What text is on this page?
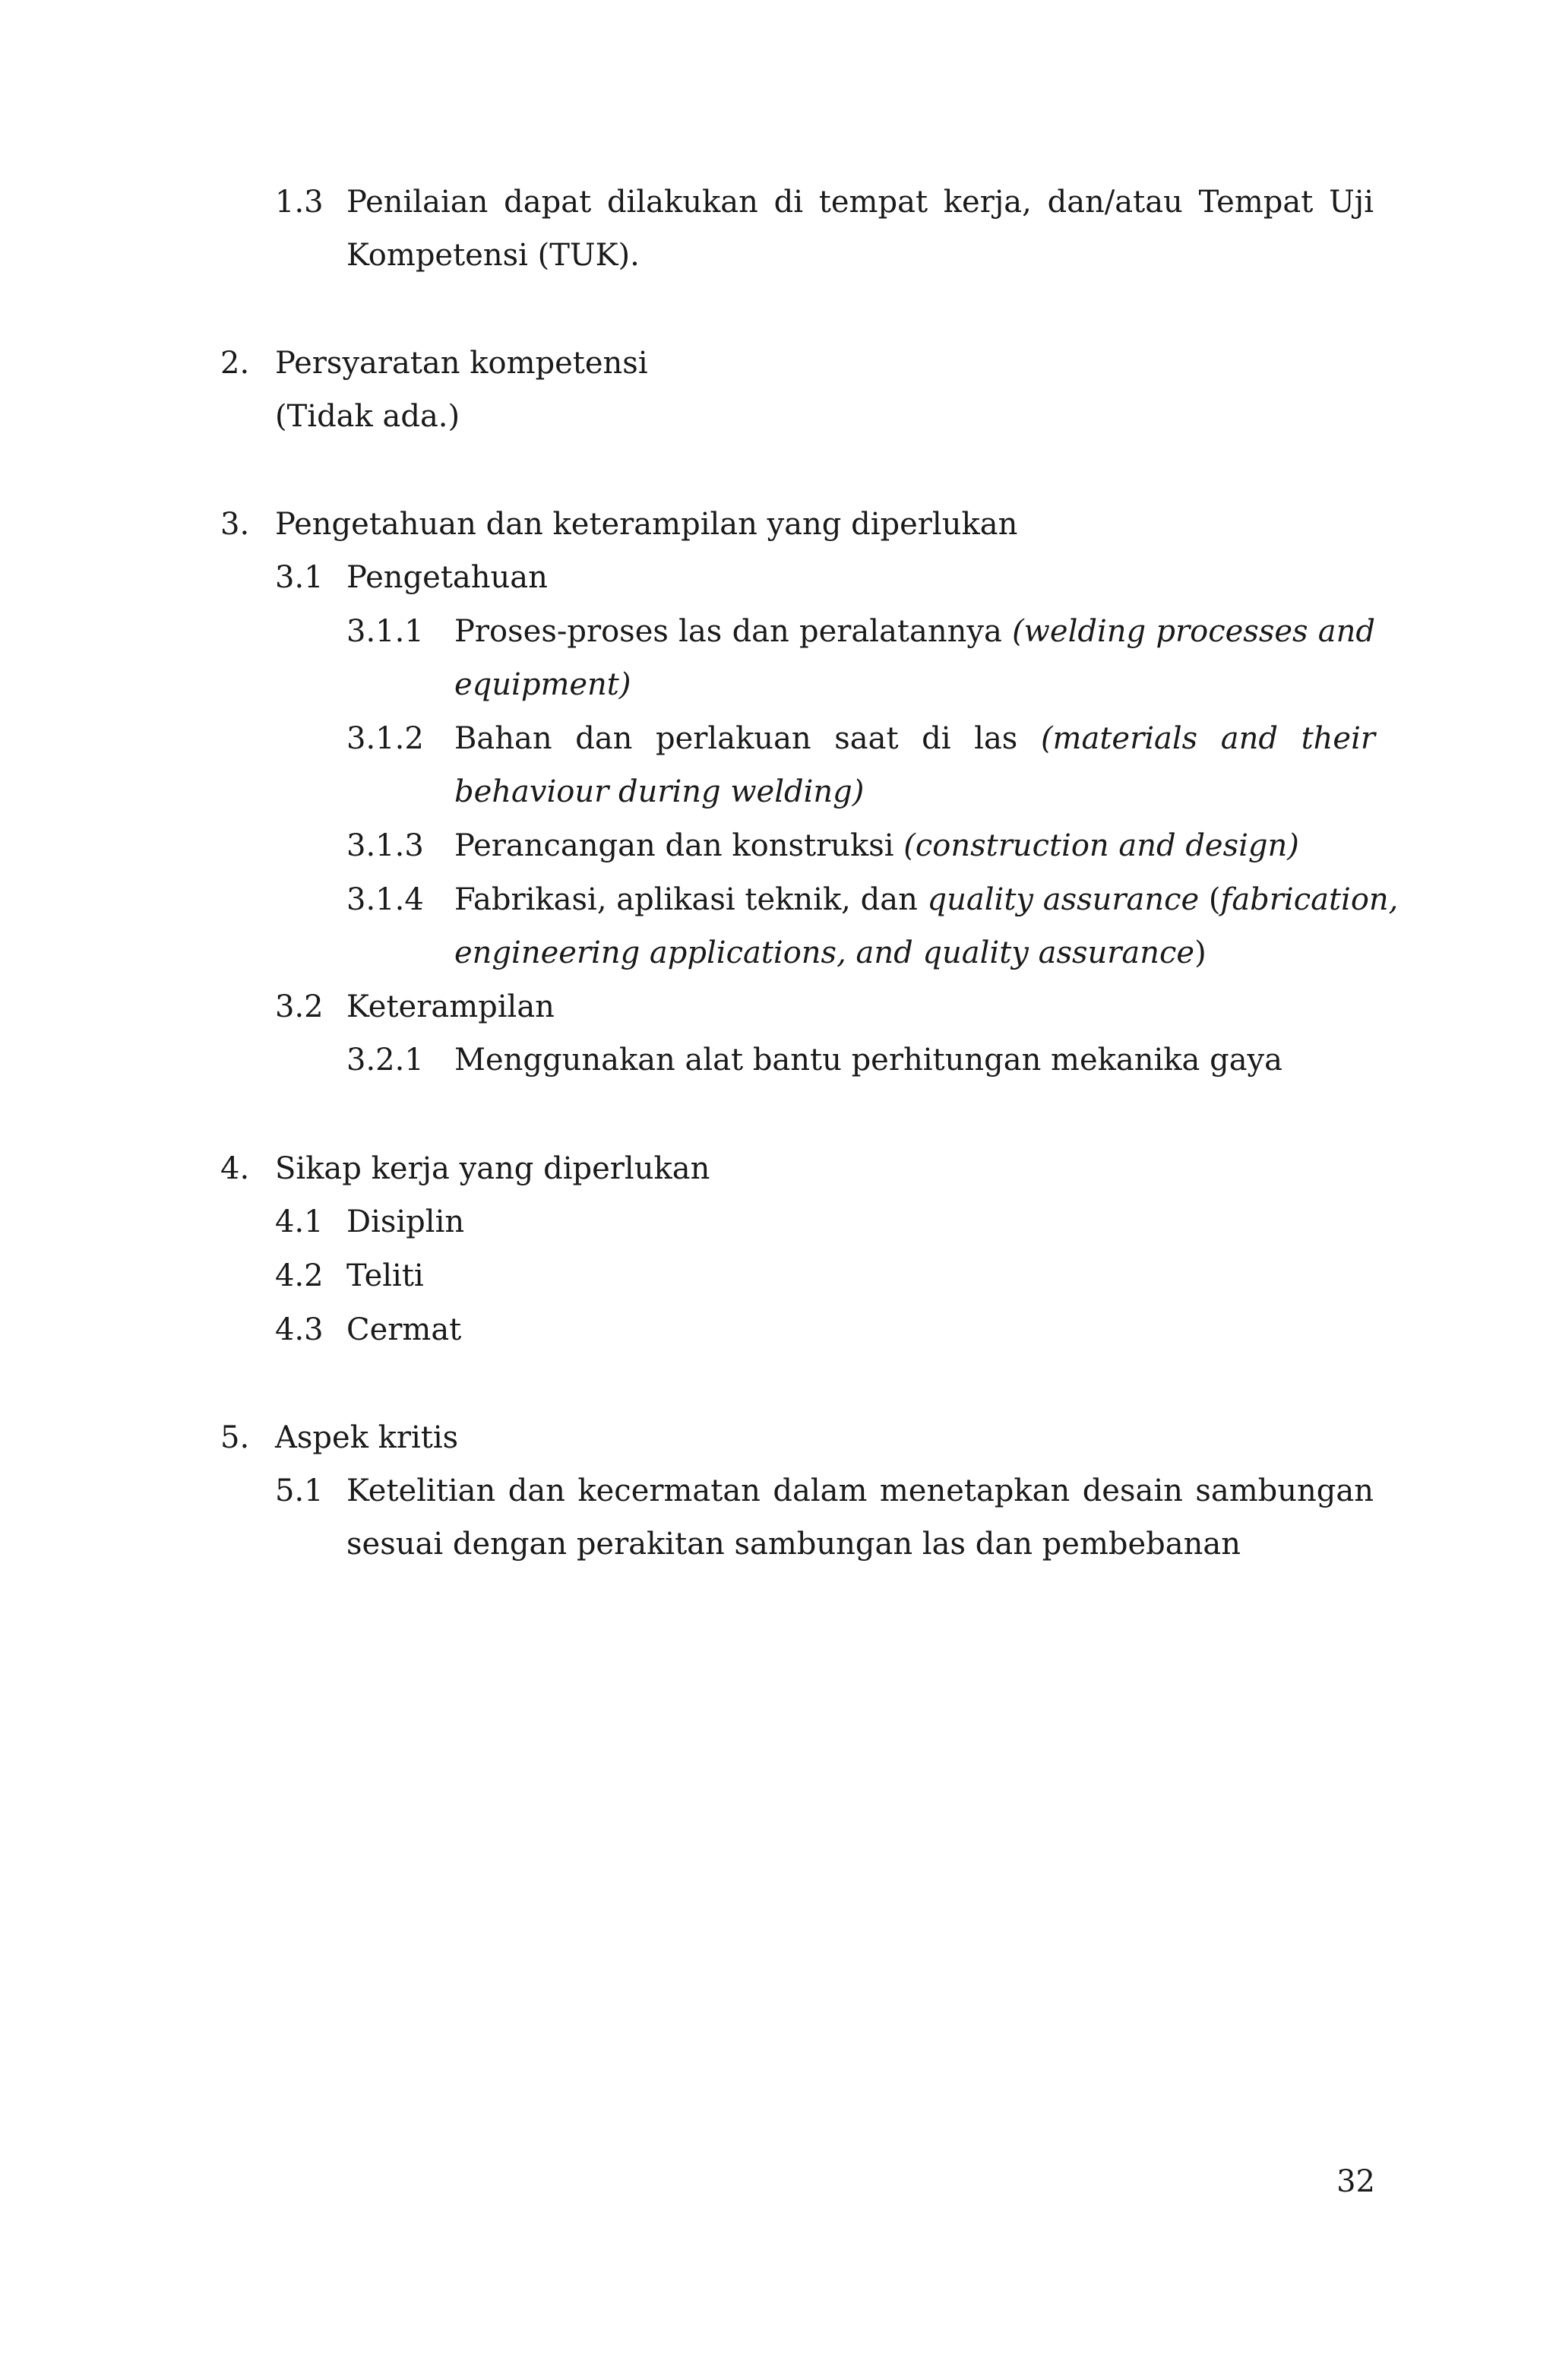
1.3 Penilaian dapat dilakukan di tempat kerja, dan/atau Tempat Uji
Kompetensi (TUK).
2. Persyaratan kompetensi
(Tidak ada.)
3. Pengetahuan dan keterampilan yang diperlukan
3.1 Pengetahuan
3.1.1 Proses-proses las dan peralatannya (welding processes and
equipment)
3.1.2 Bahan dan perlakuan saat di las (materials and their
behaviour during welding)
3.1.3 Perancangan dan konstruksi (construction and design)
3.1.4 Fabrikasi, aplikasi teknik, dan quality assurance (fabrication,
engineering applications, and quality assurance)
3.2 Keterampilan
3.2.1 Menggunakan alat bantu perhitungan mekanika gaya
4. Sikap kerja yang diperlukan
4.1 Disiplin
4.2 Teliti
4.3 Cermat
5. Aspek kritis
5.1 Ketelitian dan kecermatan dalam menetapkan desain sambungan
sesuai dengan perakitan sambungan las dan pembebanan
32
